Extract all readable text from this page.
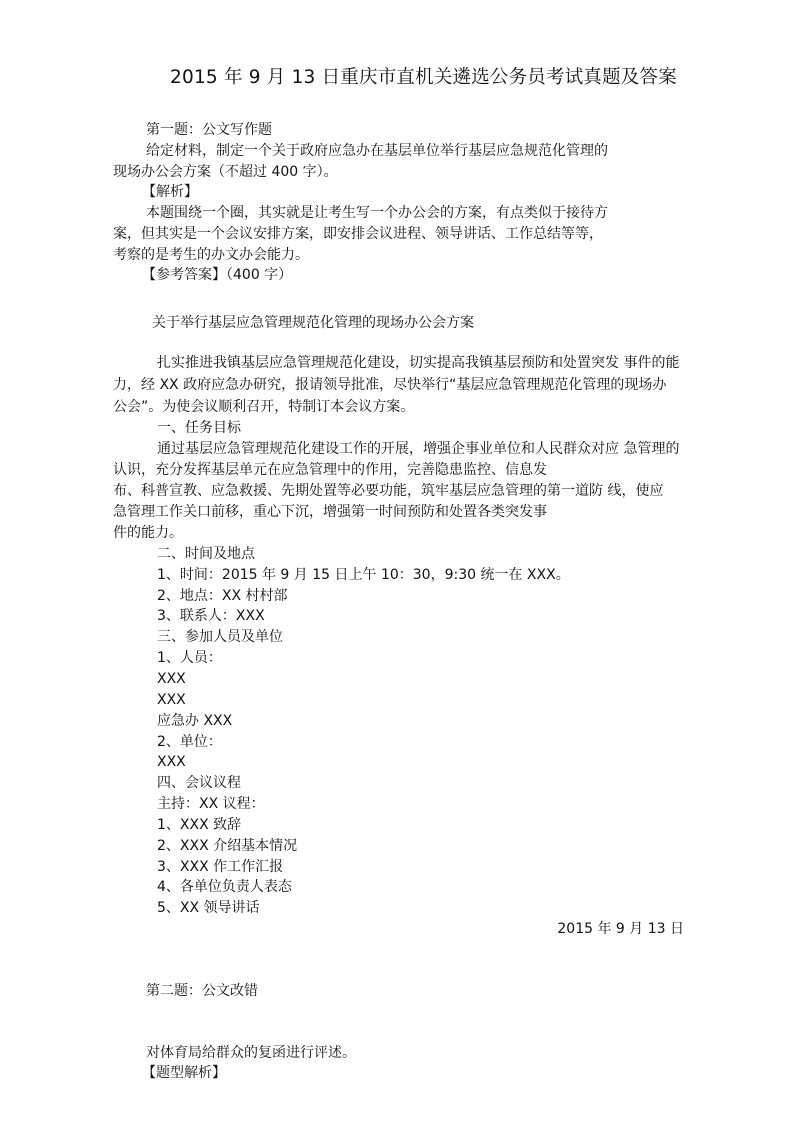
2015 年 9 月 13 日重庆市直机关遴选公务员考试真题及答案
第一题：公文写作题
给定材料，制定一个关于政府应急办在基层单位举行基层应急规范化管理的
现场办公会方案（不超过 400 字）。
【解析】
本题围绕一个圈，其实就是让考生写一个办公会的方案，有点类似于接待方
案，但其实是一个会议安排方案，即安排会议进程、领导讲话、工作总结等等，
考察的是考生的办文办会能力。
【参考答案】（400 字）
关于举行基层应急管理规范化管理的现场办公会方案
扎实推进我镇基层应急管理规范化建设，切实提高我镇基层预防和处置突发 事件的能
力，经 XX 政府应急办研究，报请领导批准，尽快举行“基层应急管理规范化管理的现场办
公会”。为使会议顺利召开，特制订本会议方案。
一、任务目标
通过基层应急管理规范化建设工作的开展，增强企事业单位和人民群众对应 急管理的
认识，充分发挥基层单元在应急管理中的作用，完善隐患监控、信息发
布、科普宣教、应急救援、先期处置等必要功能，筑牢基层应急管理的第一道防 线，使应
急管理工作关口前移，重心下沉，增强第一时间预防和处置各类突发事
件的能力。
二、时间及地点
1、时间：2015 年 9 月 15 日上午 10：30，9:30 统一在 XXX。
2、地点：XX 村村部
3、联系人：XXX
三、参加人员及单位
1、人员：
XXX
XXX
应急办 XXX
2、单位：
XXX
四、会议议程
主持：XX 议程：
1、XXX 致辞
2、XXX 介绍基本情况
3、XXX 作工作汇报
4、各单位负责人表态
5、XX 领导讲话
2015 年 9 月 13 日
第二题：公文改错
对体育局给群众的复函进行评述。
【题型解析】
